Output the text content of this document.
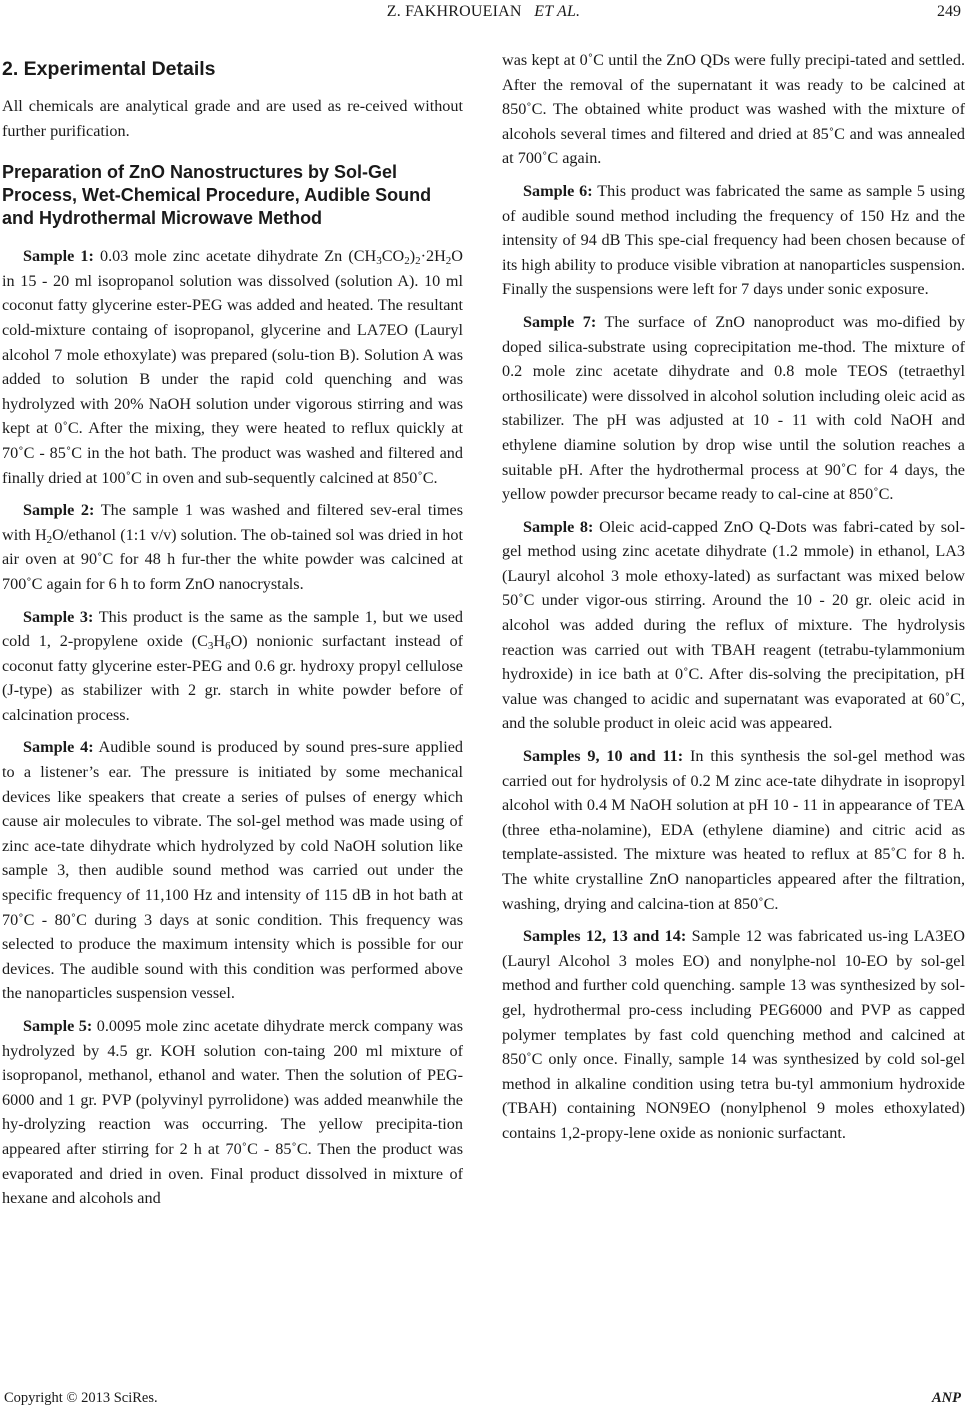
Z. FAKHROUEIAN ET AL.	249
2. Experimental Details

All chemicals are analytical grade and are used as re-ceived without further purification.

Preparation of ZnO Nanostructures by Sol-Gel Process, Wet-Chemical Procedure, Audible Sound and Hydrothermal Microwave Method

Sample 1: 0.03 mole zinc acetate dihydrate Zn $(CH_3CO_2)_2\cdot 2H_2O$ in 15 - 20 ml isopropanol solution was dissolved (solution A). 10 ml coconut fatty glycerine ester-PEG was added and heated. The resultant cold-mixture containg of isopropanol, glycerine and LA7EO (Lauryl alcohol 7 mole ethoxylate) was prepared (solu-tion B). Solution A was added to solution B under the rapid cold quenching and was hydrolyzed with 20% NaOH solution under vigorous stirring and was kept at 0˚C. After the mixing, they were heated to reflux quickly at 70˚C - 85˚C in the hot bath. The product was washed and filtered and finally dried at 100˚C in oven and sub-sequently calcined at 850˚C.

Sample 2: The sample 1 was washed and filtered sev-eral times with $H_2O$/ethanol (1:1 v/v) solution. The ob-tained sol was dried in hot air oven at 90˚C for 48 h fur-ther the white powder was calcined at 700˚C again for 6 h to form ZnO nanocrystals.

Sample 3: This product is the same as the sample 1, but we used cold 1, 2-propylene oxide $(C_3H_6O)$ nonionic surfactant instead of coconut fatty glycerine ester-PEG and 0.6 gr. hydroxy propyl cellulose (J-type) as stabilizer with 2 gr. starch in white powder before of calcination process.

Sample 4: Audible sound is produced by sound pres-sure applied to a listener’s ear. The pressure is initiated by some mechanical devices like speakers that create a series of pulses of energy which cause air molecules to vibrate. The sol-gel method was made using of zinc ace-tate dihydrate which hydrolyzed by cold NaOH solution like sample 3, then audible sound method was carried out under the specific frequency of 11,100 Hz and intensity of 115 dB in hot bath at 70˚C - 80˚C during 3 days at sonic condition. This frequency was selected to produce the maximum intensity which is possible for our devices. The audible sound with this condition was performed above the nanoparticles suspension vessel.

Sample 5: 0.0095 mole zinc acetate dihydrate merck company was hydrolyzed by 4.5 gr. KOH solution con-taing 200 ml mixture of isopropanol, methanol, ethanol and water. Then the solution of PEG-6000 and 1 gr. PVP (polyvinyl pyrrolidone) was added meanwhile the hy-drolyzing reaction was occurring. The yellow precipita-tion appeared after stirring for 2 h at 70˚C - 85˚C. Then the product was evaporated and dried in oven. Final product dissolved in mixture of hexane and alcohols and

was kept at 0˚C until the ZnO QDs were fully precipi-tated and settled. After the removal of the supernatant it was ready to be calcined at 850˚C. The obtained white product was washed with the mixture of alcohols several times and filtered and dried at 85˚C and was annealed at 700˚C again.

Sample 6: This product was fabricated the same as sample 5 using of audible sound method including the frequency of 150 Hz and the intensity of 94 dB This spe-cial frequency had been chosen because of its high ability to produce visible vibration at nanoparticles suspension. Finally the suspensions were left for 7 days under sonic exposure.

Sample 7: The surface of ZnO nanoproduct was mo-dified by doped silica-substrate using coprecipitation me-thod. The mixture of 0.2 mole zinc acetate dihydrate and 0.8 mole TEOS (tetraethyl orthosilicate) were dissolved in alcohol solution including oleic acid as stabilizer. The pH was adjusted at 10 - 11 with cold NaOH and ethylene diamine solution by drop wise until the solution reaches a suitable pH. After the hydrothermal process at 90˚C for 4 days, the yellow powder precursor became ready to cal-cine at 850˚C.

Sample 8: Oleic acid-capped ZnO Q-Dots was fabri-cated by sol-gel method using zinc acetate dihydrate (1.2 mmole) in ethanol, LA3 (Lauryl alcohol 3 mole ethoxy-lated) as surfactant was mixed below 50˚C under vigor-ous stirring. Around the 10 - 20 gr. oleic acid in alcohol was added during the reflux of mixture. The hydrolysis reaction was carried out with TBAH reagent (tetrabu-tylammonium hydroxide) in ice bath at 0˚C. After dis-solving the precipitation, pH value was changed to acidic and supernatant was evaporated at 60˚C, and the soluble product in oleic acid was appeared.

Samples 9, 10 and 11: In this synthesis the sol-gel method was carried out for hydrolysis of 0.2 M zinc ace-tate dihydrate in isopropyl alcohol with 0.4 M NaOH solution at pH 10 - 11 in appearance of TEA (three etha-nolamine), EDA (ethylene diamine) and citric acid as template-assisted. The mixture was heated to reflux at 85˚C for 8 h. The white crystalline ZnO nanoparticles appeared after the filtration, washing, drying and calcina-tion at 850˚C.

Samples 12, 13 and 14: Sample 12 was fabricated us-ing LA3EO (Lauryl Alcohol 3 moles EO) and nonylphe-nol 10-EO by sol-gel method and further cold quenching. sample 13 was synthesized by sol-gel, hydrothermal pro-cess including PEG6000 and PVP as capped polymer templates by fast cold quenching method and calcined at 850˚C only once. Finally, sample 14 was synthesized by cold sol-gel method in alkaline condition using tetra bu-tyl ammonium hydroxide (TBAH) containing NON9EO (nonylphenol 9 moles ethoxylated) contains 1,2-propy-lene oxide as nonionic surfactant.

Copyright © 2013 SciRes.	ANP
